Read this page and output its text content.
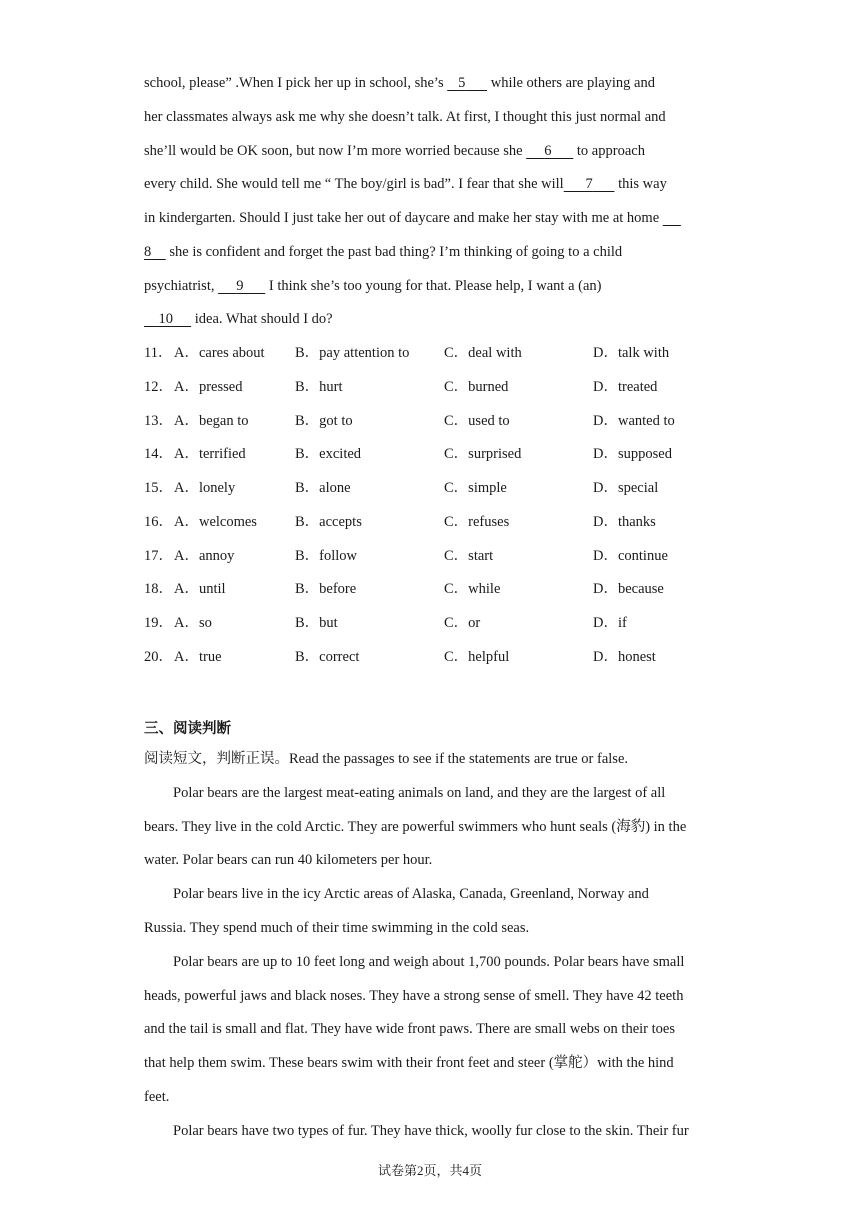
school, please” .When I pick her up in school, she’s    5       while others are playing and
her classmates always ask me why she doesn’t talk. At first, I thought this just normal and
she’ll would be OK soon, but now I’m more worried because she      6       to approach
every child. She would tell me “ The boy/girl is bad”. I fear that she will 7       this way
in kindergarten. Should I just take her out of daycare and make her stay with me at home
8     she is confident and forget the past bad thing? I’m thinking of going to a child
psychiatrist,      9       I think she’s too young for that. Please help, I want a (an)
10      idea. What should I do?
11． A．cares about B．pay attention to C．deal with	D．talk with
12． A．pressed	B．hurt	C．burned	D．treated
13． A．began to	B．got to	C．used to	D．wanted to
14． A．terrified	B．excited	C．surprised	D．supposed
15． A．lonely	B．alone	C．simple	D．special
16． A．welcomes	B．accepts	C．refuses	D．thanks
17． A．annoy	B．follow	C．start	D．continue
18． A．until	B．before	C．while	D．because
19． A．so	B．but	C．or	D．if
20． A．true	B．correct	C．helpful	D．honest
三、阅读判断
阅读短文，判断正误。Read the passages to see if the statements are true or false.
Polar bears are the largest meat-eating animals on land, and they are the largest of all
bears. They live in the cold Arctic. They are powerful swimmers who hunt seals (海豹) in the
water. Polar bears can run 40 kilometers per hour.
Polar bears live in the icy Arctic areas of Alaska, Canada, Greenland, Norway and
Russia. They spend much of their time swimming in the cold seas.
Polar bears are up to 10 feet long and weigh about 1,700 pounds. Polar bears have small
heads, powerful jaws and black noses. They have a strong sense of smell. They have 42 teeth
and the tail is small and flat. They have wide front paws. There are small webs on their toes
that help them swim. These bears swim with their front feet and steer (掌舵）with the hind
feet.
Polar bears have two types of fur. They have thick, woolly fur close to the skin. Their fur
试卷第2页，共4页
